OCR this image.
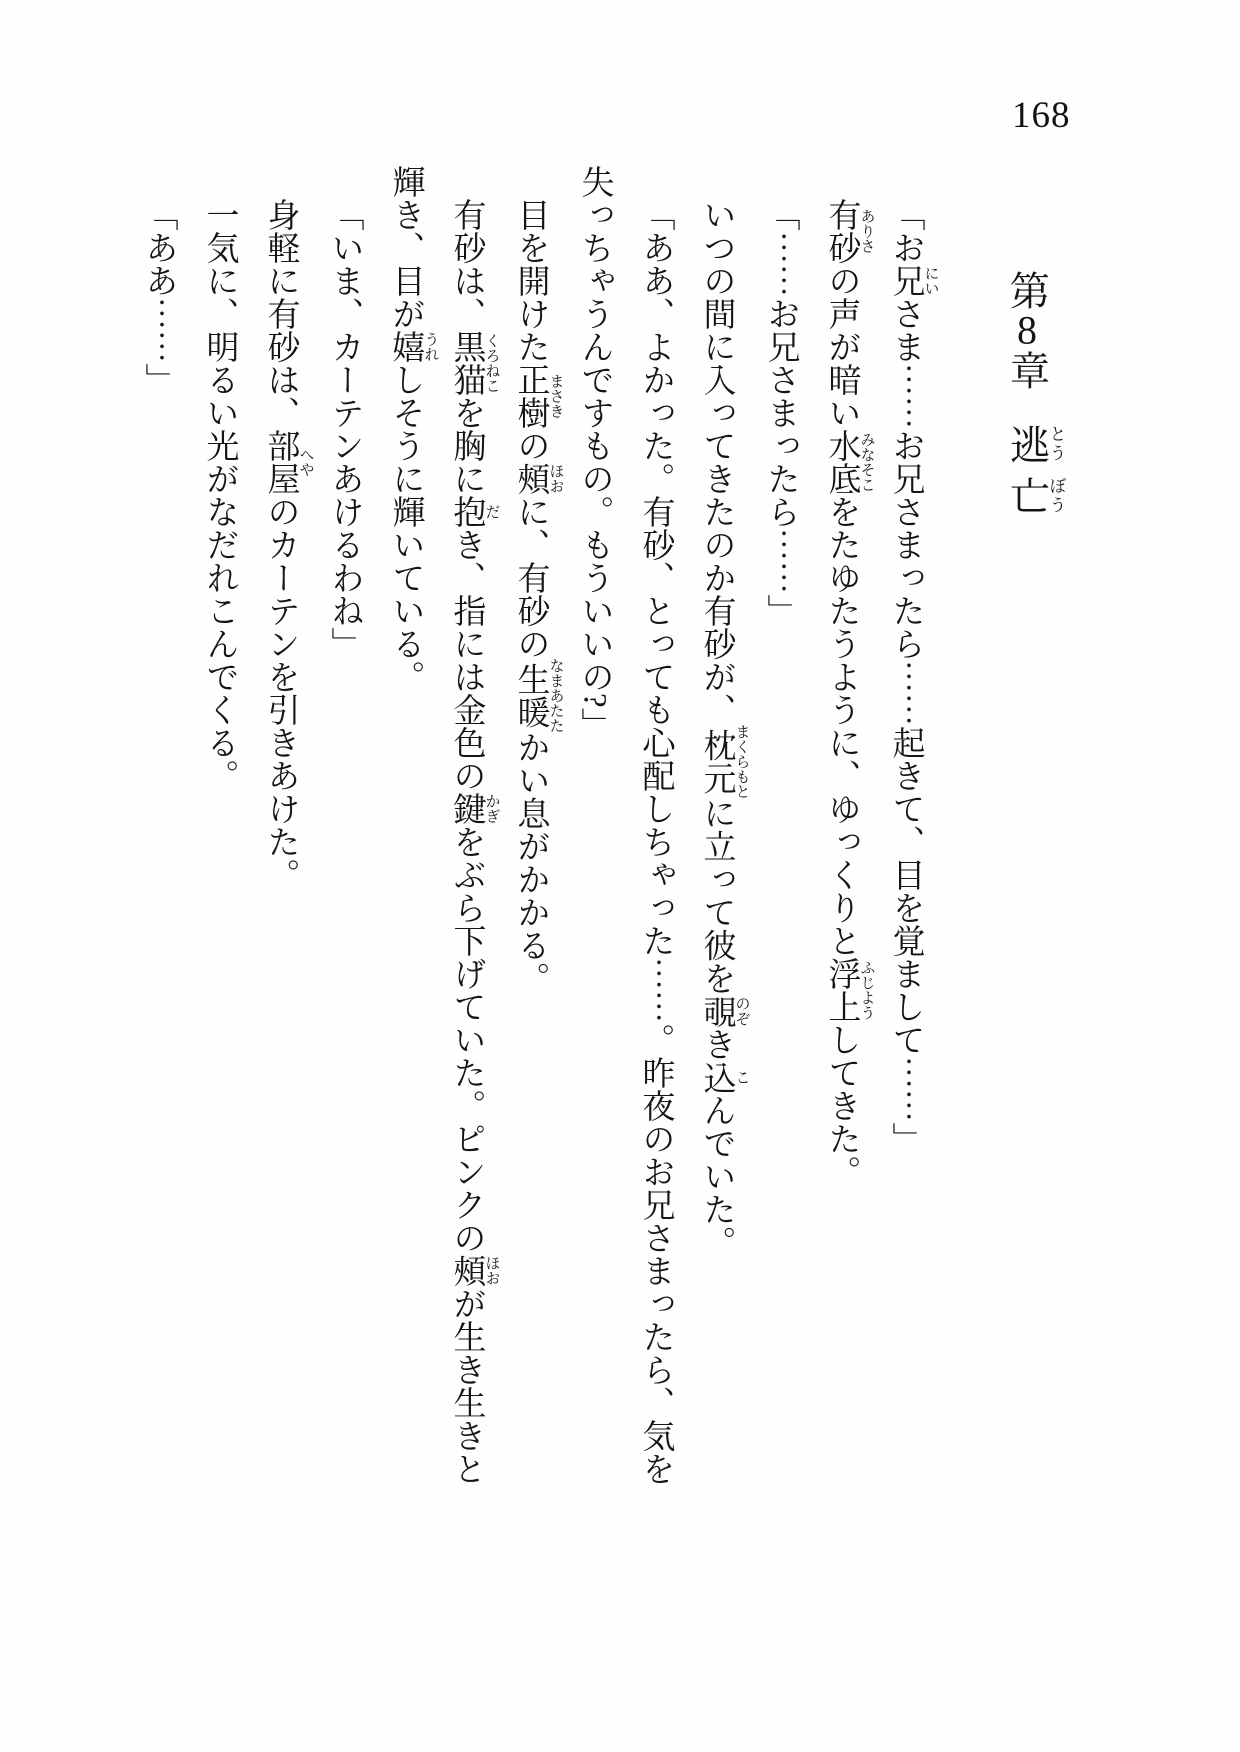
168
第8章逃とう亡ぼう

「お兄 にいさま︙︙お兄さまったら︙︙起きて、目を覚まして︙︙」

有砂 ありさの声が暗い水底 みなそこをたゆたうように、ゆっくりと浮上 ふじようしてきた。

「︙︙お兄さまったら︙︙」

いつの間に入ってきたのか有砂が、枕元 まくらもとに立って彼を覗 のぞき込 こんでいた。

「ああ、よかった。有砂、とっても心配しちゃった︙︙。昨夜のお兄さまったら、気を失っちゃうんですもの。もういいの?」

目を開けた正樹 まさきの頰 ほおに、有砂の生暖 なまあたたかい息がかかる。

有砂は、黒猫 くろねこを胸に抱 だき、指には金色の鍵 かぎをぶら下げていた。ピンクの頰 ほおが生き生きと輝き、目が嬉 うれしそうに輝いている。

「いま、カーテンあけるわね」

身軽に有砂は、部屋 へやのカーテンを引きあけた。

一気に、明るい光がなだれこんでくる。

「ああ︙︙」
